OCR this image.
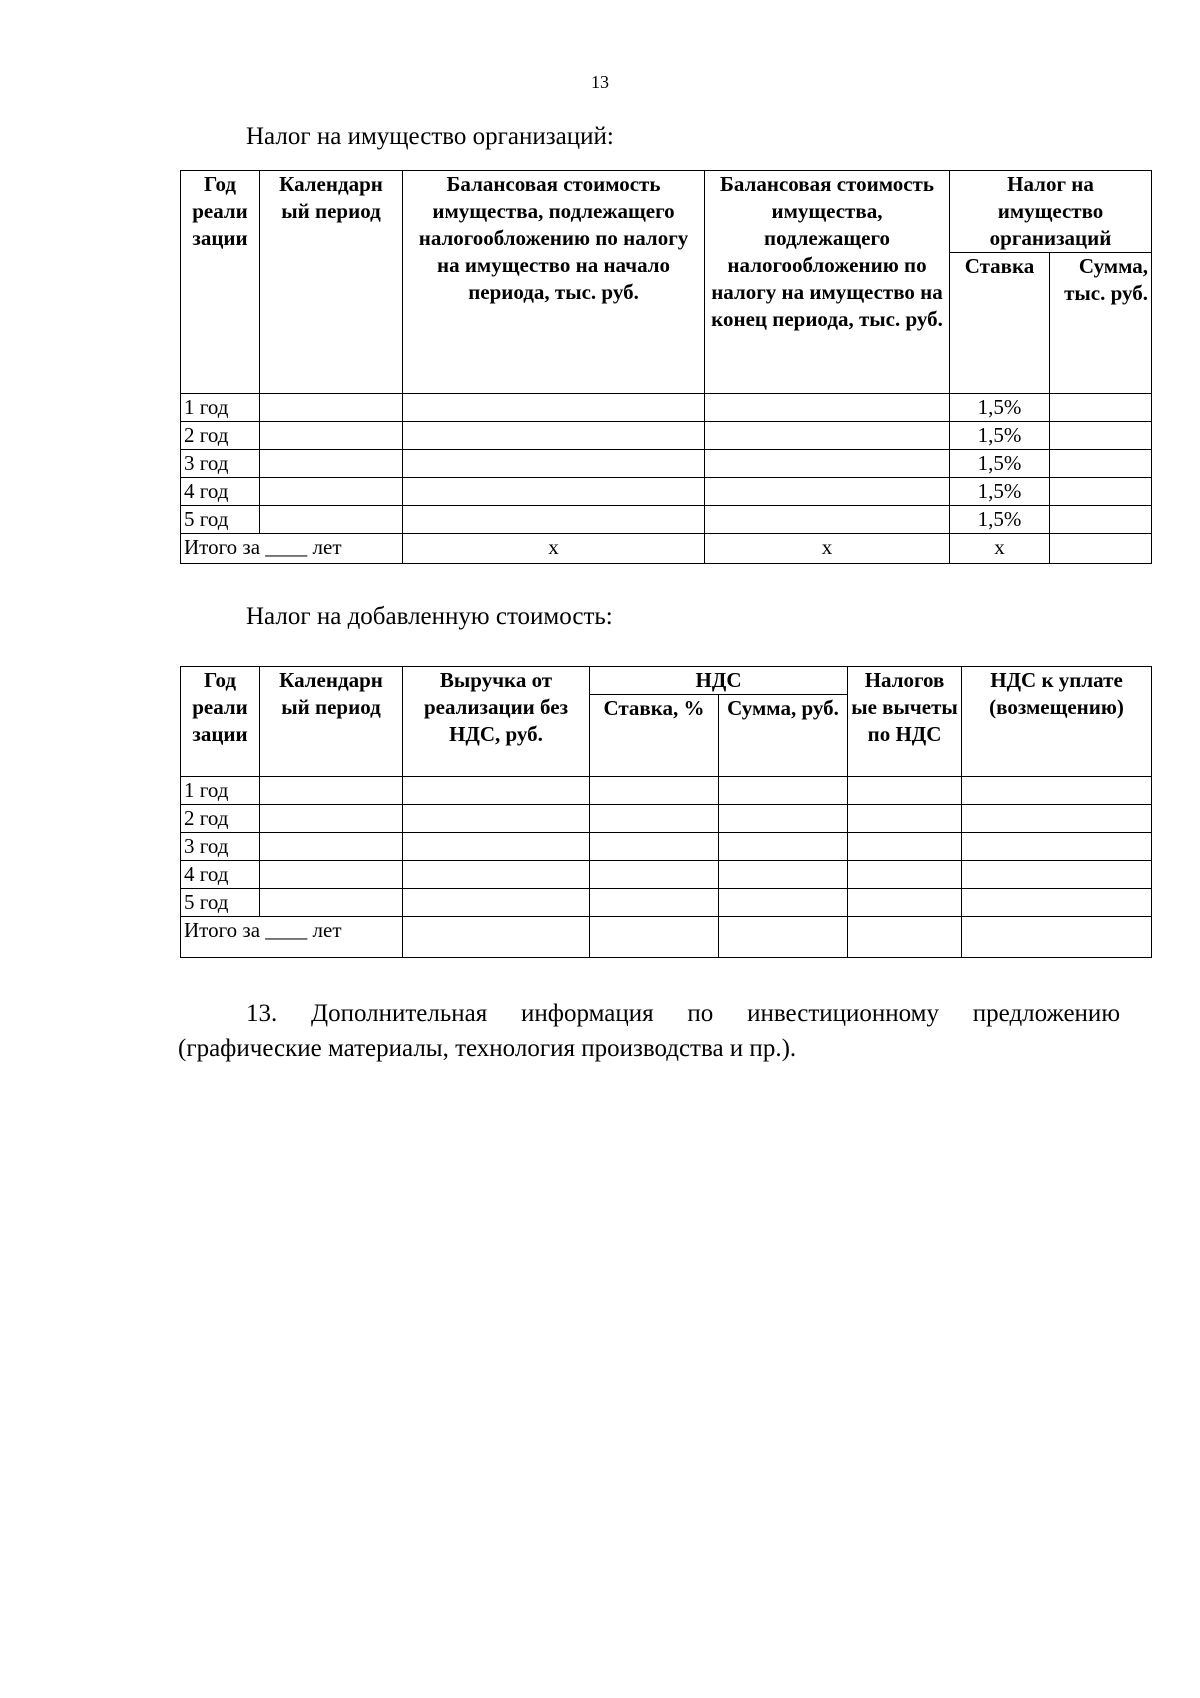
13
Налог на имущество организаций:
Год реали зации	Календарн ый период	Балансовая стоимость имущества, подлежащего налогообложению по налогу на имущество на начало периода, тыс. руб.	Балансовая стоимость имущества, подлежащего налогообложению по налогу на имущество на конец периода, тыс. руб.	Налог на имущество организаций	
				Ставка	Сумма, тыс. руб.
1 год				1,5%	
2 год				1,5%	
3 год				1,5%	
4 год				1,5%	
5 год				1,5%	
Итого за ____ лет		х	х	х	
Налог на добавленную стоимость:
Год реали зации	Календарн ый период	Выручка от реализации без НДС, руб.	НДС		Налогов ые вычеты по НДС	НДС к уплате (возмещению)
			Ставка, %	Сумма, руб.		
1 год						
2 год						
3 год						
4 год						
5 год						
Итого за ____ лет						
13. Дополнительная информация по инвестиционному предложению (графические материалы, технология производства и пр.).
